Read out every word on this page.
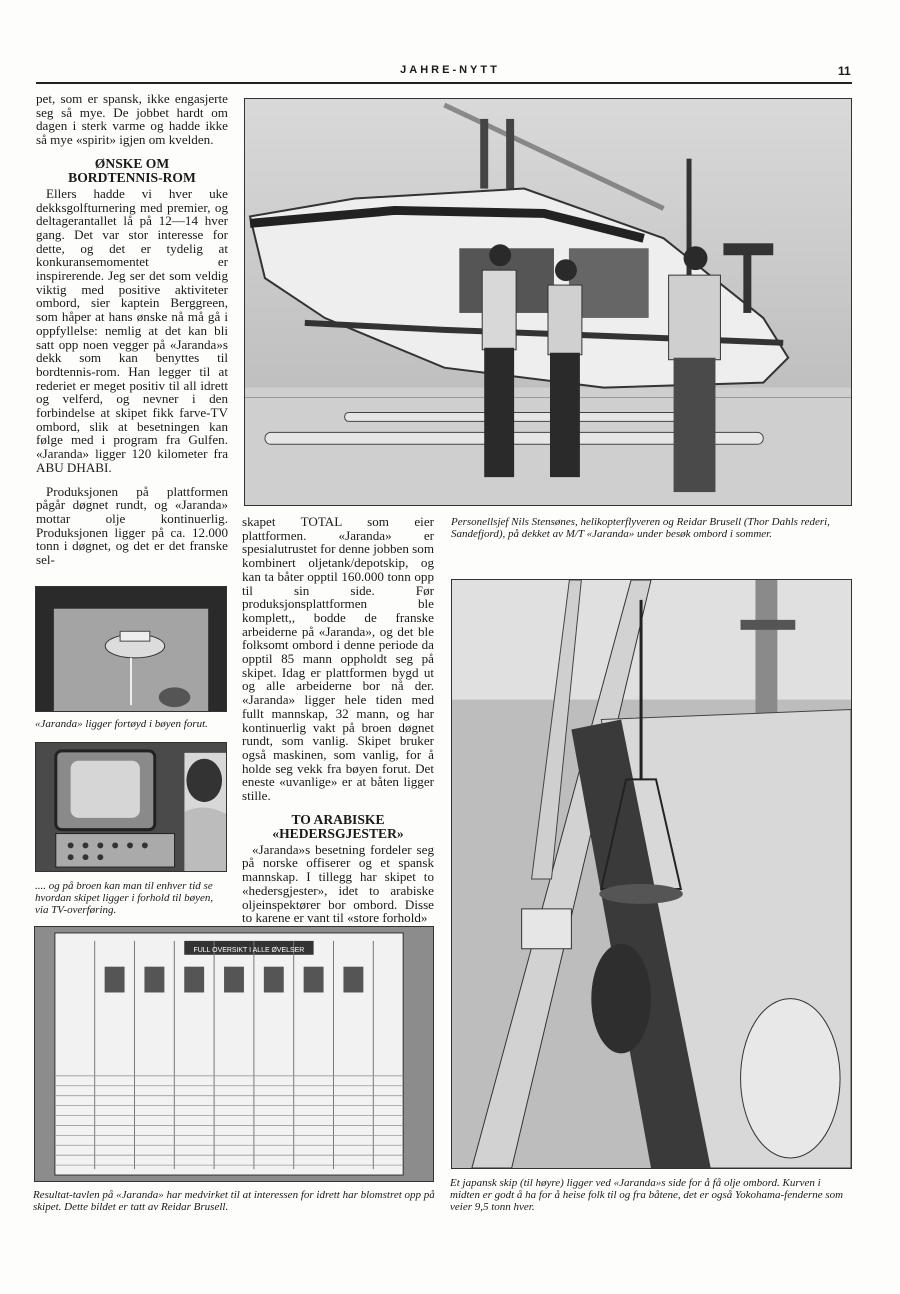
JAHRE-NYTT	11

pet, som er spansk, ikke engasjerte seg så mye. De jobbet hardt om dagen i sterk varme og hadde ikke så mye «spirit» igjen om kvelden.

ØNSKE OM
BORDTENNIS-ROM

Ellers hadde vi hver uke dekksgolfturnering med premier, og deltagerantallet lå på 12—14 hver gang. Det var stor interesse for dette, og det er tydelig at konkuransemomentet er inspirerende. Jeg ser det som veldig viktig med positive aktiviteter ombord, sier kaptein Berggreen, som håper at hans ønske nå må gå i oppfyllelse: nemlig at det kan bli satt opp noen vegger på «Jaranda»s dekk som kan benyttes til bordtennis-rom. Han legger til at rederiet er meget positiv til all idrett og velferd, og nevner i den forbindelse at skipet fikk farve-TV ombord, slik at besetningen kan følge med i program fra Gulfen. «Jaranda» ligger 120 kilometer fra ABU DHABI.

Produksjonen på plattformen pågår døgnet rundt, og «Jaranda» mottar olje kontinuerlig. Produksjonen ligger på ca. 12.000 tonn i døgnet, og det er det franske sel-

skapet TOTAL som eier plattformen. «Jaranda» er spesialutrustet for denne jobben som kombinert oljetank/depotskip, og kan ta båter opptil 160.000 tonn opp til sin side. Før produksjonsplattformen ble komplett,, bodde de franske arbeiderne på «Jaranda», og det ble folksomt ombord i denne periode da opptil 85 mann oppholdt seg på skipet. Idag er plattformen bygd ut og alle arbeiderne bor nå der. «Jaranda» ligger hele tiden med fullt mannskap, 32 mann, og har kontinuerlig vakt på broen døgnet rundt, som vanlig. Skipet bruker også maskinen, som vanlig, for å holde seg vekk fra bøyen forut. Det eneste «uvanlige» er at båten ligger stille.

TO ARABISKE
«HEDERSGJESTER»

«Jaranda»s besetning fordeler seg på norske offiserer og et spansk mannskap. I tillegg har skipet to «hedersgjester», idet to arabiske oljeinspektører bor ombord. Disse to karene er vant til «store forhold»

Personellsjef Nils Stensønes, helikopterflyveren og Reidar Brusell (Thor Dahls rederi, Sandefjord), på dekket av M/T «Jaranda» under besøk ombord i sommer.
«Jaranda» ligger fortøyd i bøyen forut.
.... og på broen kan man til enhver tid se hvordan skipet ligger i forhold til bøyen, via TV-overføring.
FULL OVERSIKT I ALLE ØVELSER
Resultat-tavlen på «Jaranda» har medvirket til at interessen for idrett har blomstret opp på skipet. Dette bildet er tatt av Reidar Brusell.
Et japansk skip (til høyre) ligger ved «Jaranda»s side for å få olje ombord. Kurven i midten er godt å ha for å heise folk til og fra båtene, det er også Yokohama-fenderne som veier 9,5 tonn hver.
